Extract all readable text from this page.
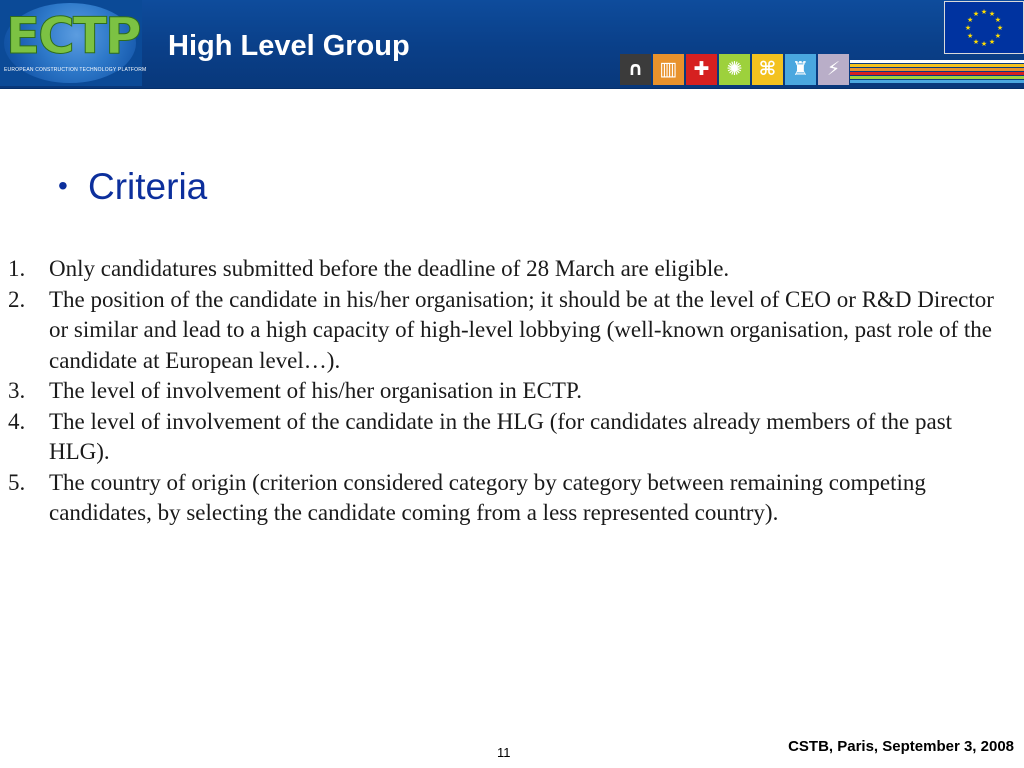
ECTP
EUROPEAN CONSTRUCTION TECHNOLOGY PLATFORM
High Level Group
★
★
★
★
★
★
★
★
★ ★ ★
★
∩ ▥ ✚ ✺ ⌘ ♜ ⚡
• Criteria
1.	Only candidatures submitted before the deadline of 28 March are eligible.
2.	The position of the candidate in his/her organisation; it should be at the level of CEO or R&D Director or similar and lead to a high capacity of high-level lobbying (well-known organisation, past role of the candidate at European level…).
3.	The level of involvement of his/her organisation in ECTP.
4.	The level of involvement of the candidate in the HLG (for candidates already members of the past HLG).
5.	The country of origin (criterion considered category by category between remaining competing candidates, by selecting the candidate coming from a less represented country).
11	CSTB, Paris, September 3, 2008
